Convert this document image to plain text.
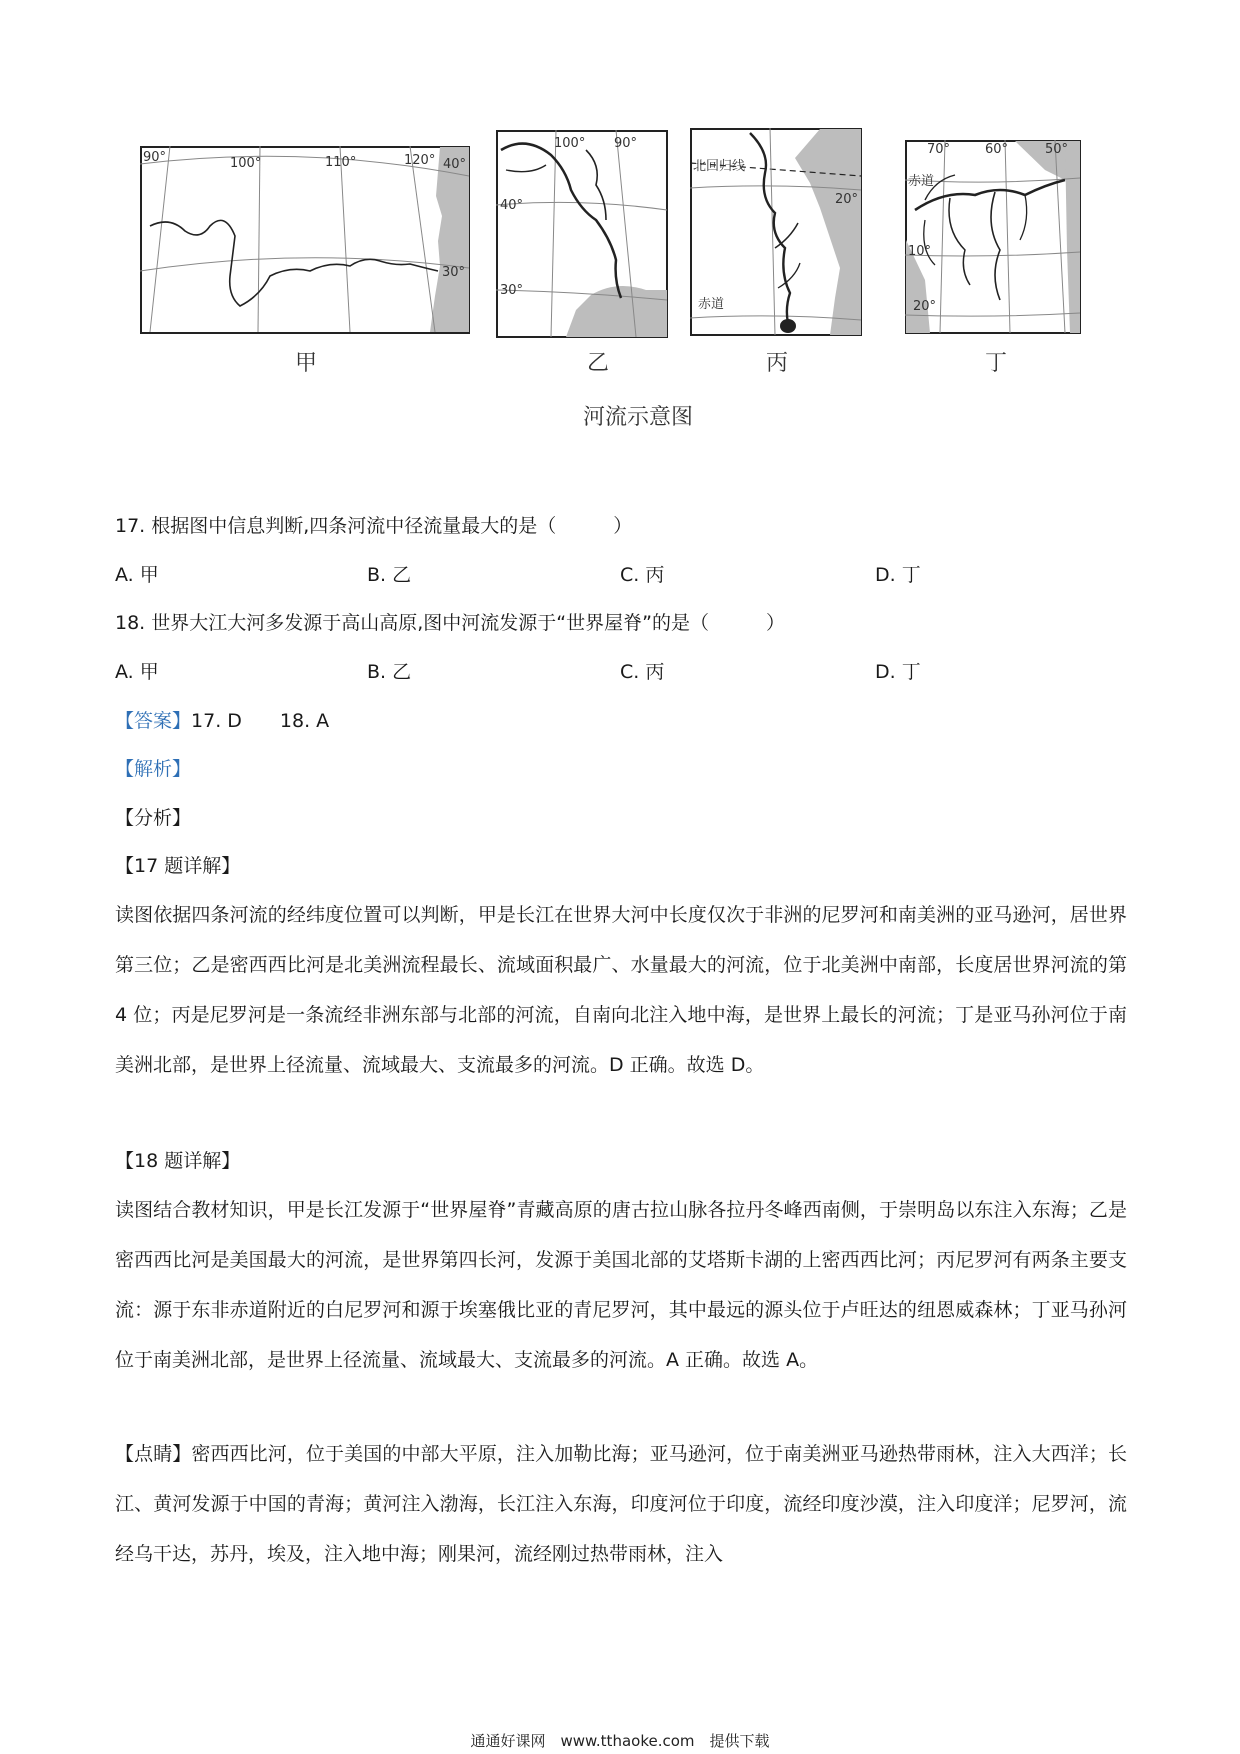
90°	100°	110°	120° 40°
30°
100° 90°
40°
30°
北回归线
20°
赤道
70°	60°	50°
赤道
10°
20°
甲	乙	丙	丁
河流示意图
17. 根据图中信息判断,四条河流中径流量最大的是（　　　）
A. 甲	B. 乙	C. 丙	D. 丁
18. 世界大江大河多发源于高山高原,图中河流发源于“世界屋脊”的是（　　　）
A. 甲	B. 乙	C. 丙	D. 丁
【答案】17. D　　18. A
【解析】
【分析】
【17 题详解】
读图依据四条河流的经纬度位置可以判断，甲是长江在世界大河中长度仅次于非洲的尼罗河和南美洲的亚马逊河，居世界第三位；乙是密西西比河是北美洲流程最长、流域面积最广、水量最大的河流，位于北美洲中南部，长度居世界河流的第 4 位；丙是尼罗河是一条流经非洲东部与北部的河流，自南向北注入地中海，是世界上最长的河流；丁是亚马孙河位于南美洲北部，是世界上径流量、流域最大、支流最多的河流。D 正确。故选 D。
【18 题详解】
读图结合教材知识，甲是长江发源于“世界屋脊”青藏高原的唐古拉山脉各拉丹冬峰西南侧，于崇明岛以东注入东海；乙是密西西比河是美国最大的河流，是世界第四长河，发源于美国北部的艾塔斯卡湖的上密西西比河；丙尼罗河有两条主要支流：源于东非赤道附近的白尼罗河和源于埃塞俄比亚的青尼罗河，其中最远的源头位于卢旺达的纽恩威森林；丁亚马孙河位于南美洲北部，是世界上径流量、流域最大、支流最多的河流。A 正确。故选 A。
【点睛】密西西比河，位于美国的中部大平原，注入加勒比海；亚马逊河，位于南美洲亚马逊热带雨林，注入大西洋；长江、黄河发源于中国的青海；黄河注入渤海，长江注入东海，印度河位于印度，流经印度沙漠，注入印度洋；尼罗河，流经乌干达，苏丹，埃及，注入地中海；刚果河，流经刚过热带雨林，注入
通通好课网　www.tthaoke.com　提供下载
